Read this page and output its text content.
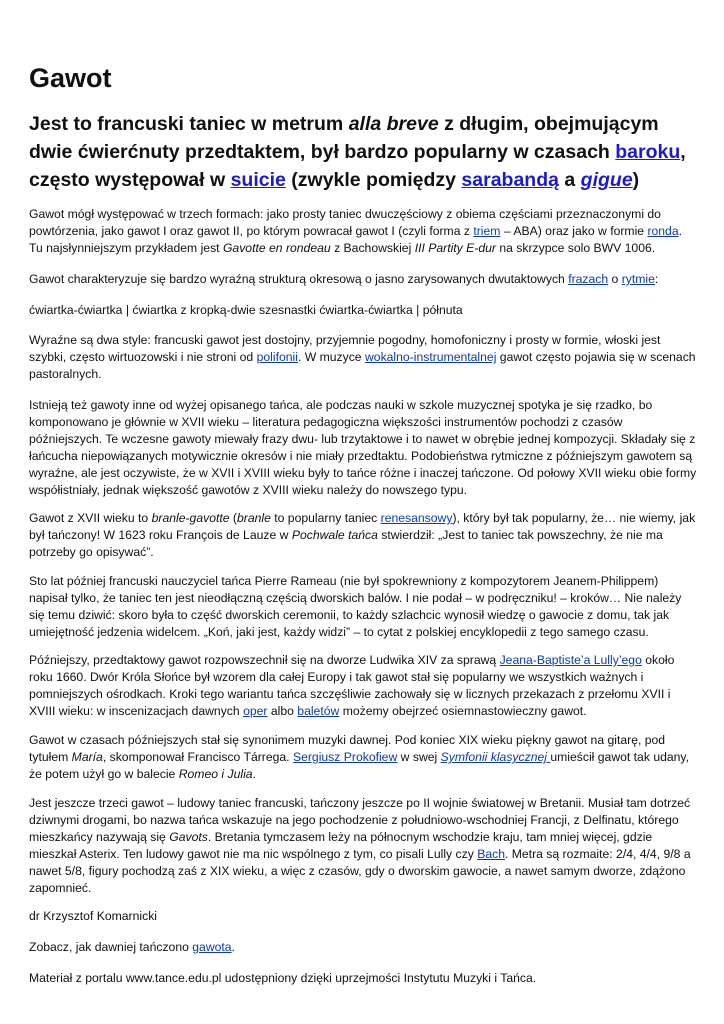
Gawot

Jest to francuski taniec w metrum alla breve z długim, obejmującym dwie ćwierćnuty przedtaktem, był bardzo popularny w czasach baroku, często występował w suicie (zwykle pomiędzy sarabandą a gigue)

Gawot mógł występować w trzech formach: jako prosty taniec dwuczęściowy z obiema częściami przeznaczonymi do powtórzenia, jako gawot I oraz gawot II, po którym powracał gawot I (czyli forma z triem – ABA) oraz jako w formie ronda. Tu najsłynniejszym przykładem jest Gavotte en rondeau z Bachowskiej III Partity E-dur na skrzypce solo BWV 1006.

Gawot charakteryzuje się bardzo wyraźną strukturą okresową o jasno zarysowanych dwutaktowych frazach o rytmie:

ćwiartka-ćwiartka | ćwiartka z kropką-dwie szesnastki ćwiartka-ćwiartka | półnuta

Wyraźne są dwa style: francuski gawot jest dostojny, przyjemnie pogodny, homofoniczny i prosty w formie, włoski jest szybki, często wirtuozowski i nie stroni od polifonii. W muzyce wokalno-instrumentalnej gawot często pojawia się w scenach pastoralnych.

Istnieją też gawoty inne od wyżej opisanego tańca, ale podczas nauki w szkole muzycznej spotyka je się rzadko, bo komponowano je głównie w XVII wieku – literatura pedagogiczna większości instrumentów pochodzi z czasów późniejszych. Te wczesne gawoty miewały frazy dwu- lub trzytaktowe i to nawet w obrębie jednej kompozycji. Składały się z łańcucha niepowiązanych motywicznie okresów i nie miały przedtaktu. Podobieństwa rytmiczne z późniejszym gawotem są wyraźne, ale jest oczywiste, że w XVII i XVIII wieku były to tańce różne i inaczej tańczone. Od połowy XVII wieku obie formy współistniały, jednak większość gawotów z XVIII wieku należy do nowszego typu.

Gawot z XVII wieku to branle-gavotte (branle to popularny taniec renesansowy), który był tak popularny, że… nie wiemy, jak był tańczony! W 1623 roku François de Lauze w Pochwale tańca stwierdził: „Jest to taniec tak powszechny, że nie ma potrzeby go opisywać”.

Sto lat później francuski nauczyciel tańca Pierre Rameau (nie był spokrewniony z kompozytorem Jeanem-Philippem) napisał tylko, że taniec ten jest nieodłączną częścią dworskich balów. I nie podał – w podręczniku! – kroków… Nie należy się temu dziwić: skoro była to część dworskich ceremonii, to każdy szlachcic wynosił wiedzę o gawocie z domu, tak jak umiejętność jedzenia widelcem. „Koń, jaki jest, każdy widzi” – to cytat z polskiej encyklopedii z tego samego czasu.

Późniejszy, przedtaktowy gawot rozpowszechnił się na dworze Ludwika XIV za sprawą Jeana-Baptiste’a Lully’ego około roku 1660. Dwór Króla Słońce był wzorem dla całej Europy i tak gawot stał się popularny we wszystkich ważnych i pomniejszych ośrodkach. Kroki tego wariantu tańca szczęśliwie zachowały się w licznych przekazach z przełomu XVII i XVIII wieku: w inscenizacjach dawnych oper albo baletów możemy obejrzeć osiemnastowieczny gawot.

Gawot w czasach późniejszych stał się synonimem muzyki dawnej. Pod koniec XIX wieku piękny gawot na gitarę, pod tytułem María, skomponował Francisco Tárrega. Sergiusz Prokofiew w swej Symfonii klasycznej umieścił gawot tak udany, że potem użył go w balecie Romeo i Julia.

Jest jeszcze trzeci gawot – ludowy taniec francuski, tańczony jeszcze po II wojnie światowej w Bretanii. Musiał tam dotrzeć dziwnymi drogami, bo nazwa tańca wskazuje na jego pochodzenie z południowo-wschodniej Francji, z Delfinatu, którego mieszkańcy nazywają się Gavots. Bretania tymczasem leży na północnym wschodzie kraju, tam mniej więcej, gdzie mieszkał Asterix. Ten ludowy gawot nie ma nic wspólnego z tym, co pisali Lully czy Bach. Metra są rozmaite: 2/4, 4/4, 9/8 a nawet 5/8, figury pochodzą zaś z XIX wieku, a więc z czasów, gdy o dworskim gawocie, a nawet samym dworze, zdążono zapomnieć.

dr Krzysztof Komarnicki

Zobacz, jak dawniej tańczono gawota.

Materiał z portalu www.tance.edu.pl udostępniony dzięki uprzejmości Instytutu Muzyki i Tańca.
